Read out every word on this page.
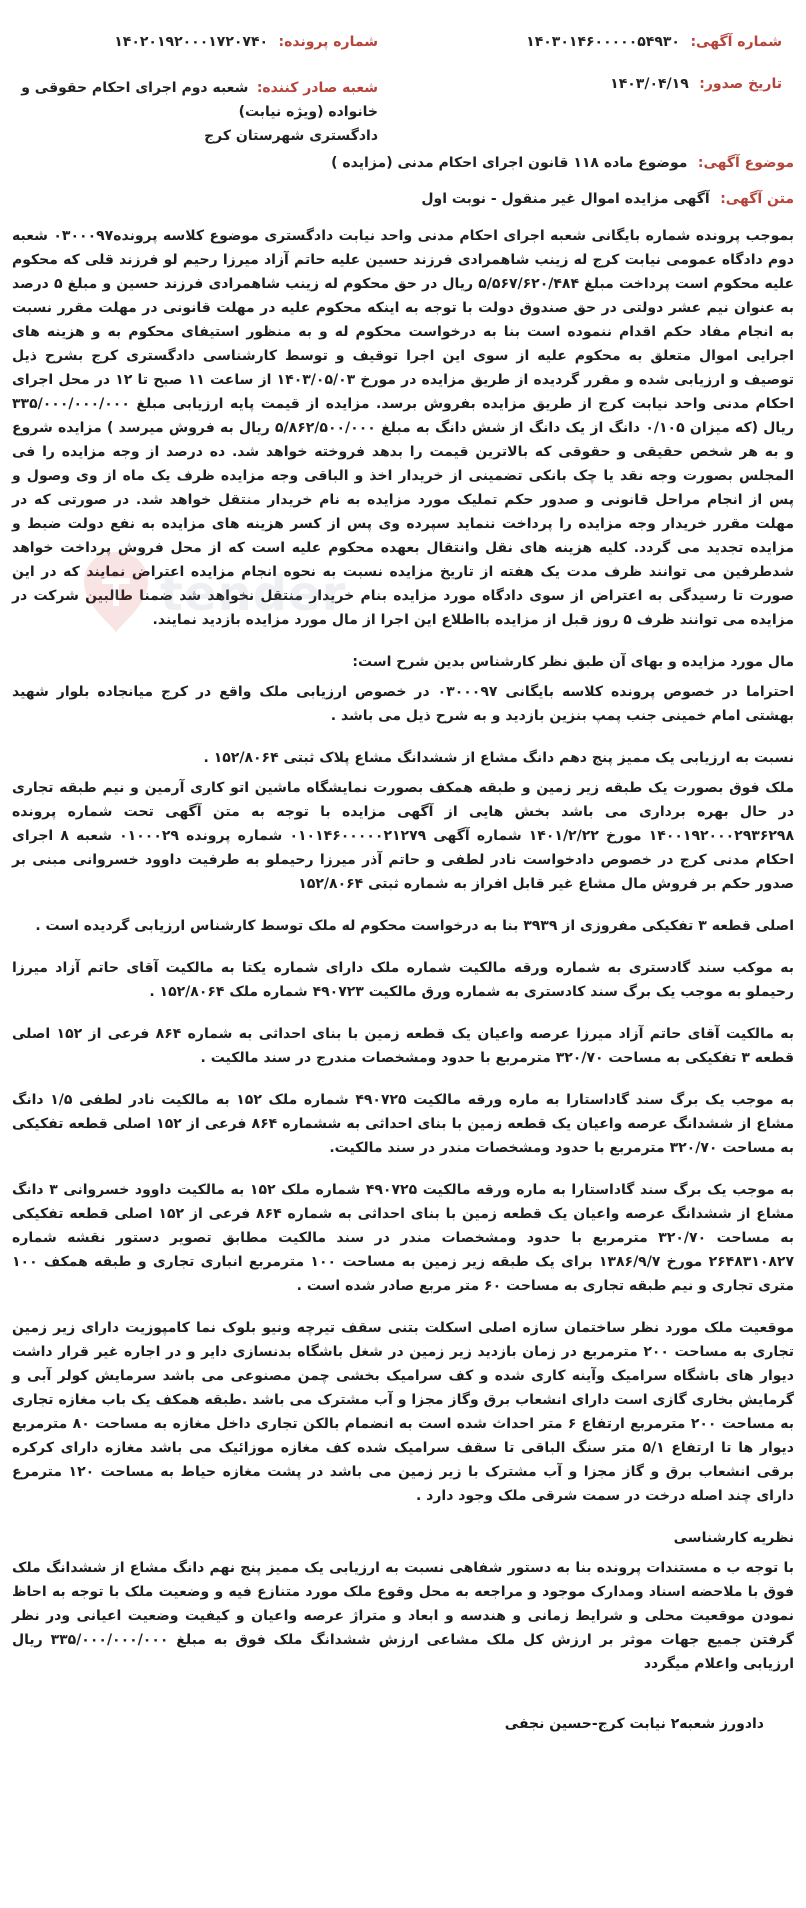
شماره آگهی: ۱۴۰۳۰۱۴۶۰۰۰۰۰۵۴۹۳۰
شماره پرونده: ۱۴۰۲۰۱۹۲۰۰۰۱۷۲۰۷۴۰
تاریخ صدور: ۱۴۰۳/۰۴/۱۹
شعبه صادر کننده: شعبه دوم اجرای احکام حقوقی و خانواده (ویژه نیابت)
دادگستری شهرستان کرج
موضوع آگهی: موضوع ماده ۱۱۸ قانون اجرای احکام مدنی (مزایده )
متن آگهی: آگهی مزایده اموال غیر منقول - نوبت اول

بموجب پرونده شماره بایگانی شعبه اجرای احکام مدنی واحد نیابت دادگستری موضوع کلاسه پرونده۰۳۰۰۰۹۷ شعبه دوم دادگاه عمومی نیابت کرج له زینب شاهمرادی فرزند حسین علیه حاتم آزاد میرزا رحیم لو فرزند قلی که محکوم علیه محکوم است پرداخت مبلغ ۵/۵۶۷/۶۲۰/۴۸۴ ریال در حق محکوم له زینب شاهمرادی فرزند حسین و مبلغ ۵ درصد به عنوان نیم عشر دولتی در حق صندوق دولت با توجه به اینکه محکوم علیه در مهلت قانونی در مهلت مقرر نسبت به انجام مفاد حکم اقدام ننموده است بنا به درخواست محکوم له و به منظور استیفای محکوم به و هزینه های اجرایی اموال متعلق به محکوم علیه از سوی این اجرا توقیف و توسط کارشناسی دادگستری کرج بشرح ذیل توصیف و ارزیابی شده و مقرر گردیده از طریق مزایده در مورخ ۱۴۰۳/۰۵/۰۳ از ساعت ۱۱ صبح تا ۱۲ در محل اجرای احکام مدنی واحد نیابت کرج از طریق مزایده بفروش برسد. مزایده از قیمت پایه ارزیابی مبلغ ۳۳۵/۰۰۰/۰۰۰/۰۰۰ ریال (که میزان ۰/۱۰۵ دانگ از یک دانگ از شش دانگ به مبلغ ۵/۸۶۲/۵۰۰/۰۰۰ ریال به فروش میرسد ) مزایده شروع و به هر شخص حقیقی و حقوقی که بالاترین قیمت را بدهد فروخته خواهد شد. ده درصد از وجه مزایده را فی المجلس بصورت وجه نقد یا چک بانکی تضمینی از خریدار اخذ و الباقی وجه مزایده ظرف یک ماه از وی وصول و پس از انجام مراحل قانونی و صدور حکم تملیک مورد مزایده به نام خریدار منتقل خواهد شد. در صورتی که در مهلت مقرر خریدار وجه مزایده را پرداخت ننماید سپرده وی پس از کسر هزینه های مزایده به نفع دولت ضبط و مزایده تجدید می گردد. کلیه هزینه های نقل وانتقال بعهده محکوم علیه است که از محل فروش پرداخت خواهد شدطرفین می توانند ظرف مدت یک هفته از تاریخ مزایده نسبت به نحوه انجام مزایده اعتراض نمایند که در این صورت تا رسیدگی به اعتراض از سوی دادگاه مورد مزایده بنام خریدار منتقل نخواهد شد ضمنا طالبین شرکت در مزایده می توانند ظرف ۵ روز قبل از مزایده بااطلاع این اجرا از مال مورد مزایده بازدید نمایند.

مال مورد مزایده و بهای آن طبق نظر کارشناس بدین شرح است:

احتراما در خصوص پرونده کلاسه بایگانی ۰۳۰۰۰۹۷ در خصوص ارزیابی ملک واقع در کرج میانجاده بلوار شهید بهشتی امام خمینی جنب پمپ بنزین بازدید و به شرح ذیل می باشد .

نسبت به ارزیابی یک ممیز پنج دهم دانگ مشاع از ششدانگ مشاع پلاک ثبتی ۱۵۲/۸۰۶۴ .

ملک فوق بصورت یک طبقه زیر زمین و طبقه همکف بصورت نمایشگاه ماشین اتو کاری آرمین و نیم طبقه تجاری در حال بهره برداری می باشد بخش هایی از آگهی مزایده با توجه به متن آگهی تحت شماره پرونده ۱۴۰۰۱۹۲۰۰۰۲۹۳۶۲۹۸ مورخ ۱۴۰۱/۲/۲۲ شماره آگهی ۰۱۰۱۴۶۰۰۰۰۰۲۱۲۷۹ شماره پرونده ۰۱۰۰۰۲۹ شعبه ۸ اجرای احکام مدنی کرج در خصوص دادخواست نادر لطفی و حاتم آذر میرزا رحیملو به طرفیت داوود خسروانی مبنی بر صدور حکم بر فروش مال مشاع غیر قابل افراز به شماره ثبتی ۱۵۲/۸۰۶۴

اصلی قطعه ۳ تفکیکی مفروزی از ۳۹۳۹ بنا به درخواست محکوم له ملک توسط کارشناس ارزیابی گردیده است .

به موکب سند گادستری به شماره ورقه مالکیت شماره ملک دارای شماره یکتا به مالکیت آقای حاتم آزاد میرزا رحیملو به موجب یک برگ سند کادستری به شماره ورق مالکیت ۴۹۰۷۲۳ شماره ملک ۱۵۲/۸۰۶۴ .

به مالکیت آقای حاتم آزاد میرزا عرصه واعیان یک قطعه زمین با بنای احداثی به شماره ۸۶۴ فرعی از ۱۵۲ اصلی قطعه ۳ تفکیکی به مساحت ۳۲۰/۷۰ مترمربع با حدود ومشخصات مندرج در سند مالکیت .

به موجب یک برگ سند گاداستارا به ماره ورقه مالکیت ۴۹۰۷۲۵ شماره ملک ۱۵۲ به مالکیت نادر لطفی ۱/۵ دانگ مشاع از ششدانگ عرصه واعیان یک قطعه زمین با بنای احداثی به ششماره ۸۶۴ فرعی از ۱۵۲ اصلی قطعه تفکیکی به مساحت ۳۲۰/۷۰ مترمربع با حدود ومشخصات مندر در سند مالکیت.

به موجب یک برگ سند گاداستارا به ماره ورقه مالکیت ۴۹۰۷۲۵ شماره ملک ۱۵۲ به مالکیت داوود خسروانی ۳ دانگ مشاع از ششدانگ عرصه واعیان یک قطعه زمین با بنای احداثی به شماره ۸۶۴ فرعی از ۱۵۲ اصلی قطعه تفکیکی به مساحت ۳۲۰/۷۰ مترمربع با حدود ومشخصات مندر در سند مالکیت مطابق تصویر دستور نقشه شماره ۲۶۴۸۳۱۰۸۲۷ مورخ ۱۳۸۶/۹/۷ برای یک طبقه زیر زمین به مساحت ۱۰۰ مترمربع انباری تجاری و طبقه همکف ۱۰۰ متری تجاری و نیم طبقه تجاری به مساحت ۶۰ متر مربع صادر شده است .

موقعیت ملک مورد نظر ساختمان سازه اصلی اسکلت بتنی سقف تیرچه ونیو بلوک نما کامپوزیت دارای زیر زمین تجاری به مساحت ۲۰۰ مترمربع در زمان بازدید زیر زمین در شغل باشگاه بدنسازی دایر و در اجاره غیر قرار داشت دیوار های باشگاه سرامیک وآینه کاری شده و کف سرامیک بخشی چمن مصنوعی می باشد سرمایش کولر آبی و گرمایش بخاری گازی است دارای انشعاب برق وگاز مجزا و آب مشترک می باشد .طبقه همکف یک باب مغازه تجاری به مساحت ۲۰۰ مترمربع ارتفاع ۶ متر احداث شده است به انضمام بالکن تجاری داخل مغازه به مساحت ۸۰ مترمربع دیوار ها تا ارتفاع ۵/۱ متر سنگ الباقی تا سقف سرامیک شده کف مغازه موزائیک می باشد مغازه دارای کرکره برقی انشعاب برق و گاز مجزا و آب مشترک با زیر زمین می باشد در پشت مغازه حیاط به مساحت ۱۲۰ مترمرع دارای چند اصله درخت در سمت شرقی ملک وجود دارد .

نظریه کارشناسی

با توجه ب ه مستندات پرونده بنا به دستور شفاهی نسبت به ارزیابی یک ممیز پنج نهم دانگ مشاع از ششدانگ ملک فوق با ملاحضه اسناد ومدارک موجود و مراجعه به محل وقوع ملک مورد متنازع فیه و وضعیت ملک با توجه به احاظ نمودن موقعیت محلی و شرایط زمانی و هندسه و ابعاد و متراژ عرصه واعیان و کیفیت وضعیت اعیانی ودر نظر گرفتن جمیع جهات موثر بر ارزش کل ملک مشاعی ارزش ششدانگ ملک فوق به مبلغ ۳۳۵/۰۰۰/۰۰۰/۰۰۰ ریال ارزیابی واعلام میگردد

دادورز شعبه۲ نیابت کرج-حسین نجفی
tender
